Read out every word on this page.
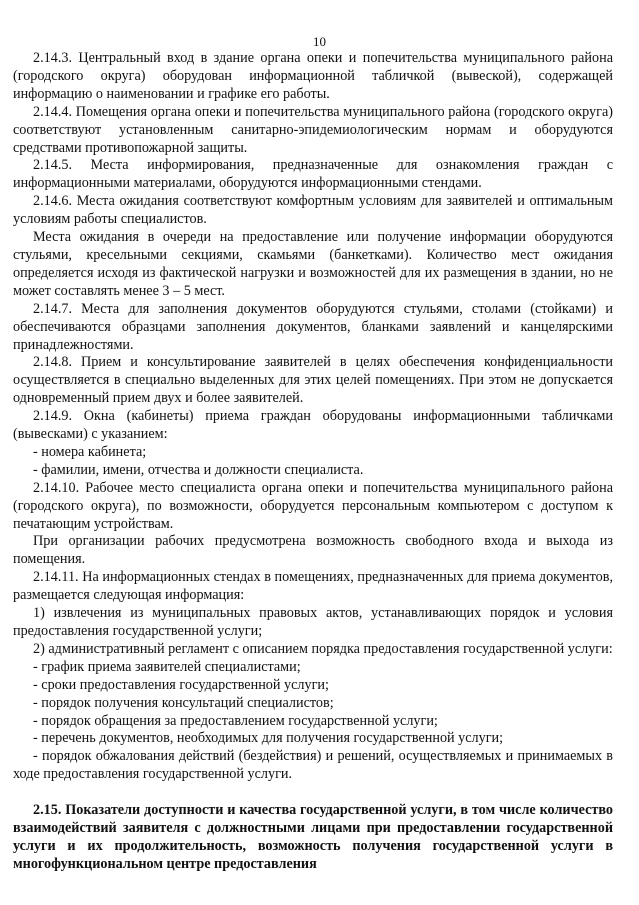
10

2.14.3. Центральный вход в здание органа опеки и попечительства муниципального района (городского округа) оборудован информационной табличкой (вывеской), содержащей информацию о наименовании и графике его работы.

2.14.4. Помещения органа опеки и попечительства муниципального района (городского округа) соответствуют установленным санитарно-эпидемиологическим нормам и оборудуются средствами противопожарной защиты.

2.14.5. Места информирования, предназначенные для ознакомления граждан с информационными материалами, оборудуются информационными стендами.

2.14.6. Места ожидания соответствуют комфортным условиям для заявителей и оптимальным условиям работы специалистов.

Места ожидания в очереди на предоставление или получение информации оборудуются стульями, кресельными секциями, скамьями (банкетками). Количество мест ожидания определяется исходя из фактической нагрузки и возможностей для их размещения в здании, но не может составлять менее 3 – 5 мест.

2.14.7. Места для заполнения документов оборудуются стульями, столами (стойками) и обеспечиваются образцами заполнения документов, бланками заявлений и канцелярскими принадлежностями.

2.14.8. Прием и консультирование заявителей в целях обеспечения конфиденциальности осуществляется в специально выделенных для этих целей помещениях. При этом не допускается одновременный прием двух и более заявителей.

2.14.9. Окна (кабинеты) приема граждан оборудованы информационными табличками (вывесками) с указанием:

- номера кабинета;

- фамилии, имени, отчества и должности специалиста.

2.14.10. Рабочее место специалиста органа опеки и попечительства муниципального района (городского округа), по возможности, оборудуется персональным компьютером с доступом к печатающим устройствам.

При организации рабочих предусмотрена возможность свободного входа и выхода из помещения.

2.14.11. На информационных стендах в помещениях, предназначенных для приема документов, размещается следующая информация:

1) извлечения из муниципальных правовых актов, устанавливающих порядок и условия предоставления государственной услуги;

2) административный регламент с описанием порядка предоставления государственной услуги:

- график приема заявителей специалистами;

- сроки предоставления государственной услуги;

- порядок получения консультаций специалистов;

- порядок обращения за предоставлением государственной услуги;

- перечень документов, необходимых для получения государственной услуги;

- порядок обжалования действий (бездействия) и решений, осуществляемых и принимаемых в ходе предоставления государственной услуги.

2.15. Показатели доступности и качества государственной услуги, в том числе количество взаимодействий заявителя с должностными лицами при предоставлении государственной услуги и их продолжительность, возможность получения государственной услуги в многофункциональном центре предоставления
